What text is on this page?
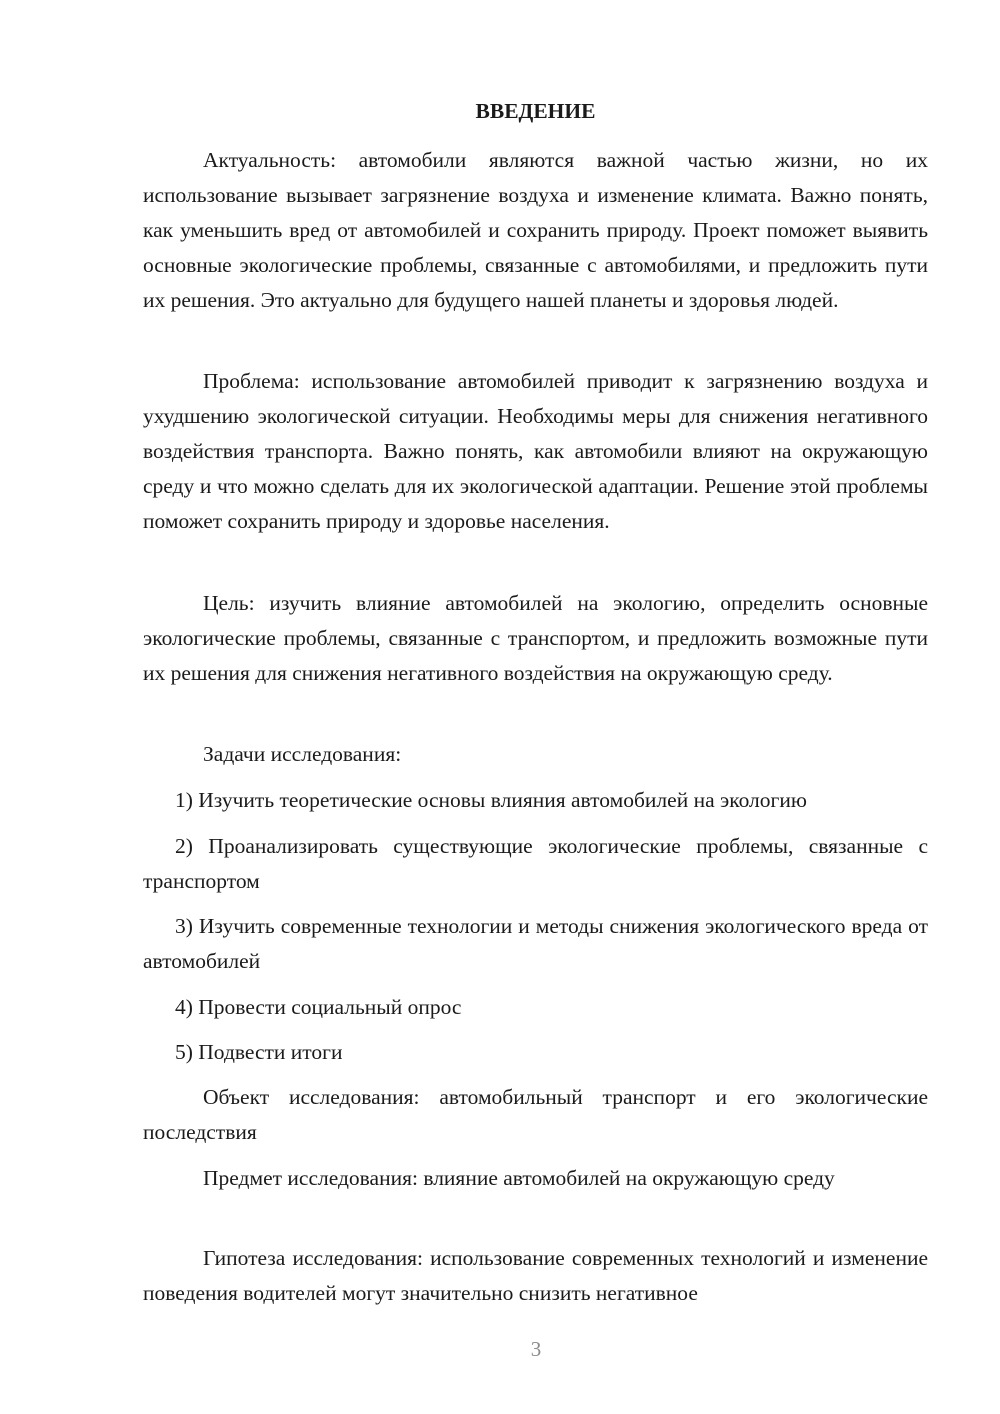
ВВЕДЕНИЕ

Актуальность: автомобили являются важной частью жизни, но их использование вызывает загрязнение воздуха и изменение климата. Важно понять, как уменьшить вред от автомобилей и сохранить природу. Проект поможет выявить основные экологические проблемы, связанные с автомобилями, и предложить пути их решения. Это актуально для будущего нашей планеты и здоровья людей.

Проблема: использование автомобилей приводит к загрязнению воздуха и ухудшению экологической ситуации. Необходимы меры для снижения негативного воздействия транспорта. Важно понять, как автомобили влияют на окружающую среду и что можно сделать для их экологической адаптации. Решение этой проблемы поможет сохранить природу и здоровье населения.

Цель: изучить влияние автомобилей на экологию, определить основные экологические проблемы, связанные с транспортом, и предложить возможные пути их решения для снижения негативного воздействия на окружающую среду.

Задачи исследования:

1) Изучить теоретические основы влияния автомобилей на экологию

2) Проанализировать существующие экологические проблемы, связанные с транспортом

3) Изучить современные технологии и методы снижения экологического вреда от автомобилей

4) Провести социальный опрос

5) Подвести итоги

Объект исследования: автомобильный транспорт и его экологические последствия

Предмет исследования: влияние автомобилей на окружающую среду

Гипотеза исследования: использование современных технологий и изменение поведения водителей могут значительно снизить негативное

3
